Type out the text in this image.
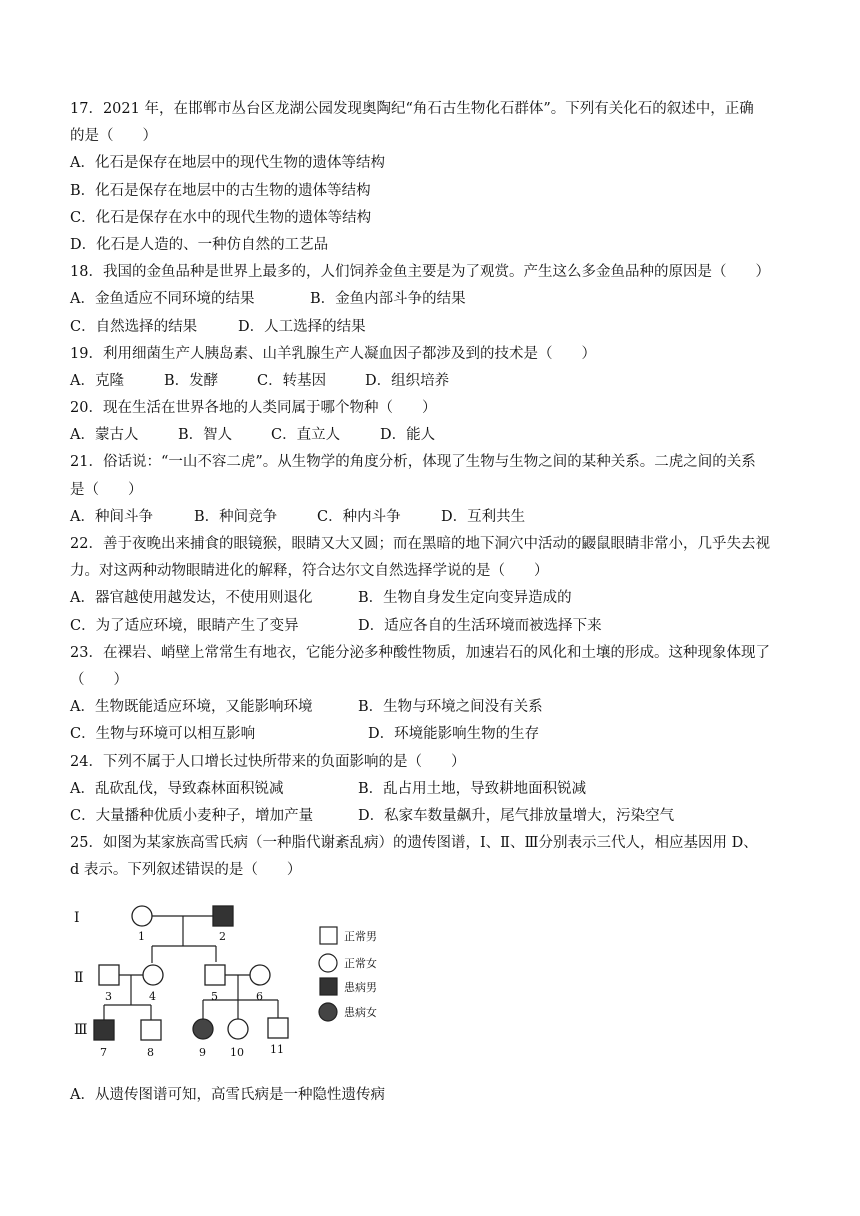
17．2021 年，在邯郸市丛台区龙湖公园发现奥陶纪“角石古生物化石群体”。下列有关化石的叙述中，正确
的是（　　）
A．化石是保存在地层中的现代生物的遗体等结构
B．化石是保存在地层中的古生物的遗体等结构
C．化石是保存在水中的现代生物的遗体等结构
D．化石是人造的、一种仿自然的工艺品
18．我国的金鱼品种是世界上最多的，人们饲养金鱼主要是为了观赏。产生这么多金鱼品种的原因是（　　）
A．金鱼适应不同环境的结果	B．金鱼内部斗争的结果
C．自然选择的结果	D．人工选择的结果
19．利用细菌生产人胰岛素、山羊乳腺生产人凝血因子都涉及到的技术是（　　）
A．克隆	B．发酵	C．转基因	D．组织培养
20．现在生活在世界各地的人类同属于哪个物种（　　）
A．蒙古人	B．智人	C．直立人	D．能人
21．俗话说：“一山不容二虎”。从生物学的角度分析，体现了生物与生物之间的某种关系。二虎之间的关系
是（　　）
A．种间斗争	B．种间竞争	C．种内斗争	D．互利共生
22．善于夜晚出来捕食的眼镜猴，眼睛又大又圆；而在黑暗的地下洞穴中活动的鼹鼠眼睛非常小，几乎失去视
力。对这两种动物眼睛进化的解释，符合达尔文自然选择学说的是（　　）
A．器官越使用越发达，不使用则退化	B．生物自身发生定向变异造成的
C．为了适应环境，眼睛产生了变异	D．适应各自的生活环境而被选择下来
23．在裸岩、峭壁上常常生有地衣，它能分泌多种酸性物质，加速岩石的风化和土壤的形成。这种现象体现了
（　　）
A．生物既能适应环境，又能影响环境	B．生物与环境之间没有关系
C．生物与环境可以相互影响	D．环境能影响生物的生存
24．下列不属于人口增长过快所带来的负面影响的是（　　）
A．乱砍乱伐，导致森林面积锐减	B．乱占用土地，导致耕地面积锐减
C．大量播种优质小麦种子，增加产量	D．私家车数量飙升，尾气排放量增大，污染空气
25．如图为某家族高雪氏病（一种脂代谢紊乱病）的遗传图谱，Ⅰ、Ⅱ、Ⅲ分别表示三代人，相应基因用 D、
d 表示。下列叙述错误的是（　　）
Ⅰ
Ⅱ
Ⅲ
1	2
3	4	5	6
7	8	9 10 11
正常男
正常女
患病男
患病女
A．从遗传图谱可知，高雪氏病是一种隐性遗传病
